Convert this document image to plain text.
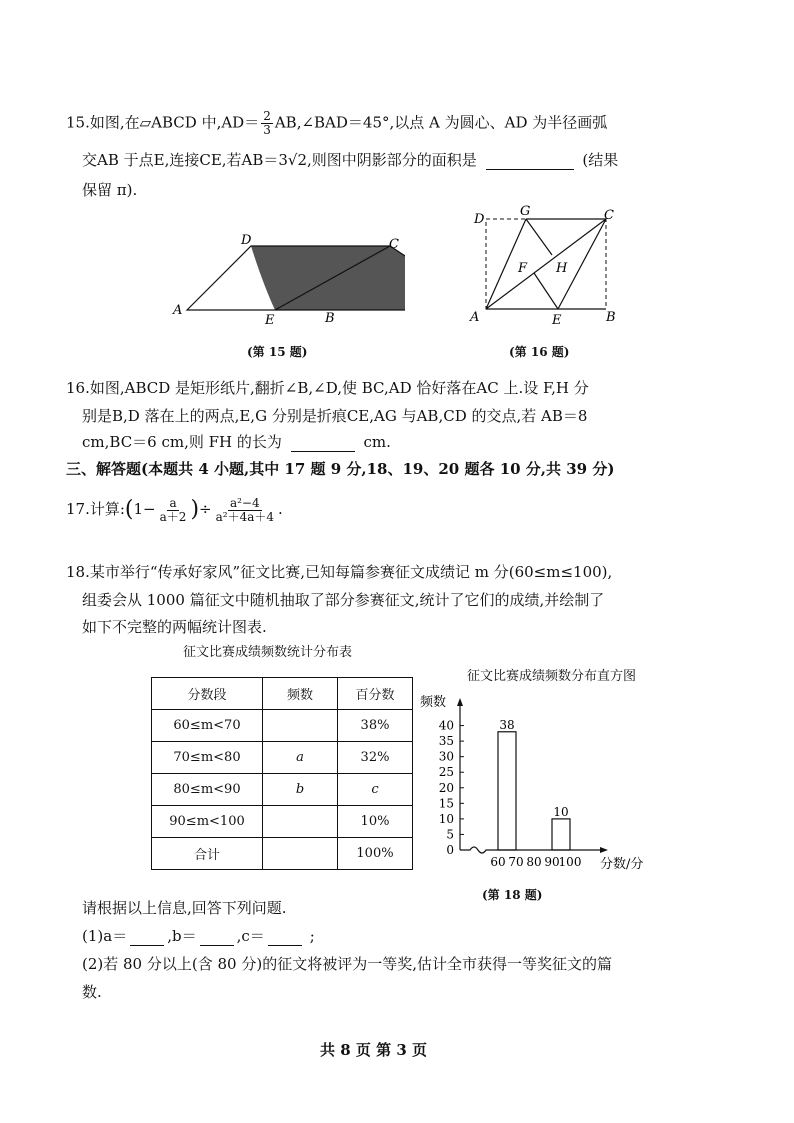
15.如图,在▱ABCD 中$,AD= \frac{2}{3}$ AB,∠BAD＝45°,以点 A 为圆心、AD 为半径画弧
交AB 于点E,连接CE,若AB＝3√2,则图中阴影部分的面积是	(结果
保留 π).
A
B
C
D
E
(第 15 题)
D
G	C
F H
A	E	B
(第 16 题)
16.如图,ABCD 是矩形纸片,翻折∠B,∠D,使 BC,AD 恰好落在AC 上.设 F,H 分
别是B,D 落在上的两点,E,G 分别是折痕CE,AG 与AB,CD 的交点,若 AB＝8
cm,BC＝6 cm,则 FH 的长为	cm.
三、解答题(本题共 4 小题,其中 17 题 9 分,18、19、20 题各 10 分,共 39 分)
17.计算:(1− $\frac{a}{a+2}$ )÷ $\frac{\text{a²−4}}{\text{a²＋4a＋4}}$ .
18.某市举行“传承好家风”征文比赛,已知每篇参赛征文成绩记 m 分(60≤m≤100),
组委会从 1000 篇征文中随机抽取了部分参赛征文,统计了它们的成绩,并绘制了
如下不完整的两幅统计图表.
征文比赛成绩频数统计分布表
分数段	频数	百分数
60≤m<70		38%
70≤m<80	a	32%
80≤m<90	b	c
90≤m<100		10%
合计		100%
征文比赛成绩频数分布直方图
频数
分数/分
0
5
10
15
20
25
30
35
40
60 70 80 90
100
38
10
(第 18 题)
请根据以上信息,回答下列问题.
(1)a＝	,b＝	,c＝	;
(2)若 80 分以上(含 80 分)的征文将被评为一等奖,估计全市获得一等奖征文的篇
数.
共 8 页 第 3 页
